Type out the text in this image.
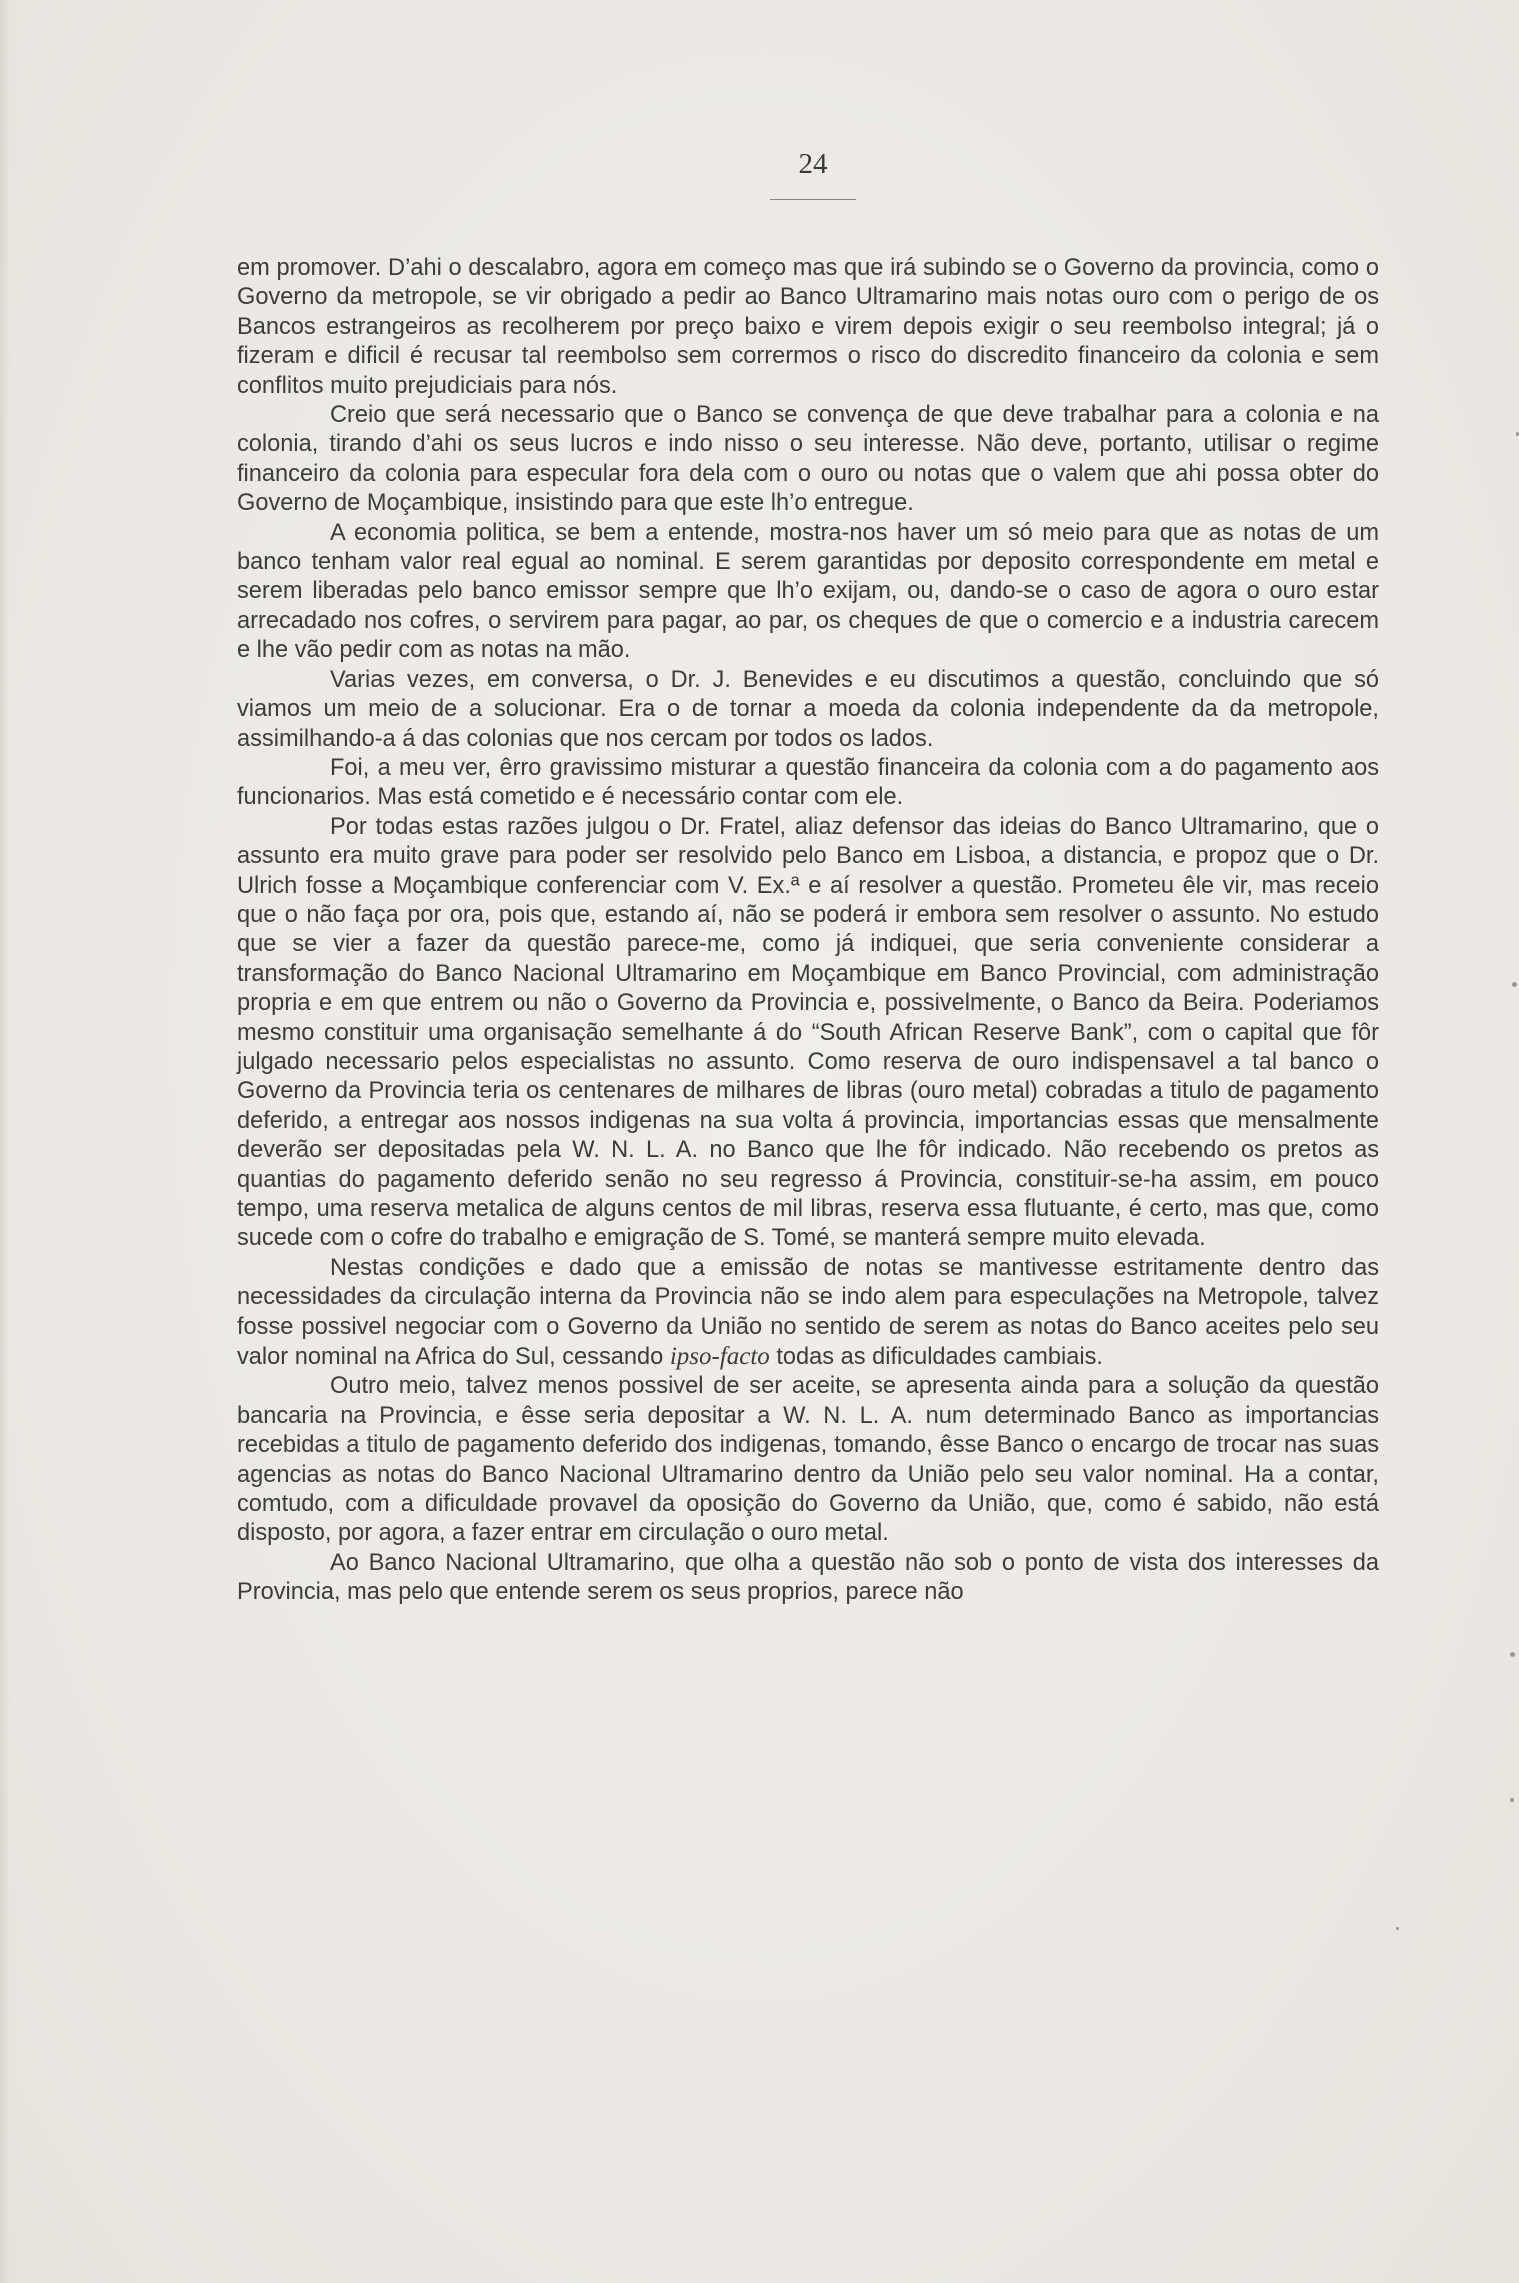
24

em promover. D’ahi o descalabro, agora em começo mas que irá subindo se o Governo da provincia, como o Governo da metropole, se vir obrigado a pedir ao Banco Ultramarino mais notas ouro com o perigo de os Bancos estrangeiros as recolherem por preço baixo e virem depois exigir o seu reembolso integral; já o fizeram e dificil é recusar tal reembolso sem corrermos o risco do discredito financeiro da colonia e sem conflitos muito prejudiciais para nós.

Creio que será necessario que o Banco se convença de que deve trabalhar para a colonia e na colonia, tirando d’ahi os seus lucros e indo nisso o seu interesse. Não deve, portanto, utilisar o regime financeiro da colonia para especular fora dela com o ouro ou notas que o valem que ahi possa obter do Governo de Moçambique, insistindo para que este lh’o entregue.

A economia politica, se bem a entende, mostra-nos haver um só meio para que as notas de um banco tenham valor real egual ao nominal. E serem garantidas por deposito correspondente em metal e serem liberadas pelo banco emissor sempre que lh’o exijam, ou, dando-se o caso de agora o ouro estar arrecadado nos cofres, o servirem para pagar, ao par, os cheques de que o comercio e a industria carecem e lhe vão pedir com as notas na mão.

Varias vezes, em conversa, o Dr. J. Benevides e eu discutimos a questão, concluindo que só viamos um meio de a solucionar. Era o de tornar a moeda da colonia independente da da metropole, assimilhando-a á das colonias que nos cercam por todos os lados.

Foi, a meu ver, êrro gravissimo misturar a questão financeira da colonia com a do pagamento aos funcionarios. Mas está cometido e é necessário contar com ele.

Por todas estas razões julgou o Dr. Fratel, aliaz defensor das ideias do Banco Ultramarino, que o assunto era muito grave para poder ser resolvido pelo Banco em Lisboa, a distancia, e propoz que o Dr. Ulrich fosse a Moçambique conferenciar com V. Ex.ª e aí resolver a questão. Prometeu êle vir, mas receio que o não faça por ora, pois que, estando aí, não se poderá ir embora sem resolver o assunto. No estudo que se vier a fazer da questão parece-me, como já indiquei, que seria conveniente considerar a transformação do Banco Nacional Ultramarino em Moçambique em Banco Provincial, com administração propria e em que entrem ou não o Governo da Provincia e, possivelmente, o Banco da Beira. Poderiamos mesmo constituir uma organisação semelhante á do “South African Reserve Bank”, com o capital que fôr julgado necessario pelos especialistas no assunto. Como reserva de ouro indispensavel a tal banco o Governo da Provincia teria os centenares de milhares de libras (ouro metal) cobradas a titulo de pagamento deferido, a entregar aos nossos indigenas na sua volta á provincia, importancias essas que mensalmente deverão ser depositadas pela W. N. L. A. no Banco que lhe fôr indicado. Não recebendo os pretos as quantias do pagamento deferido senão no seu regresso á Provincia, constituir-se-ha assim, em pouco tempo, uma reserva metalica de alguns centos de mil libras, reserva essa flutuante, é certo, mas que, como sucede com o cofre do trabalho e emigração de S. Tomé, se manterá sempre muito elevada.

Nestas condições e dado que a emissão de notas se mantivesse estritamente dentro das necessidades da circulação interna da Provincia não se indo alem para especulações na Metropole, talvez fosse possivel negociar com o Governo da União no sentido de serem as notas do Banco aceites pelo seu valor nominal na Africa do Sul, cessando ipso-facto todas as dificuldades cambiais.

Outro meio, talvez menos possivel de ser aceite, se apresenta ainda para a solução da questão bancaria na Provincia, e êsse seria depositar a W. N. L. A. num determinado Banco as importancias recebidas a titulo de pagamento deferido dos indigenas, tomando, êsse Banco o encargo de trocar nas suas agencias as notas do Banco Nacional Ultramarino dentro da União pelo seu valor nominal. Ha a contar, comtudo, com a dificuldade provavel da oposição do Governo da União, que, como é sabido, não está disposto, por agora, a fazer entrar em circulação o ouro metal.

Ao Banco Nacional Ultramarino, que olha a questão não sob o ponto de vista dos interesses da Provincia, mas pelo que entende serem os seus proprios, parece não
